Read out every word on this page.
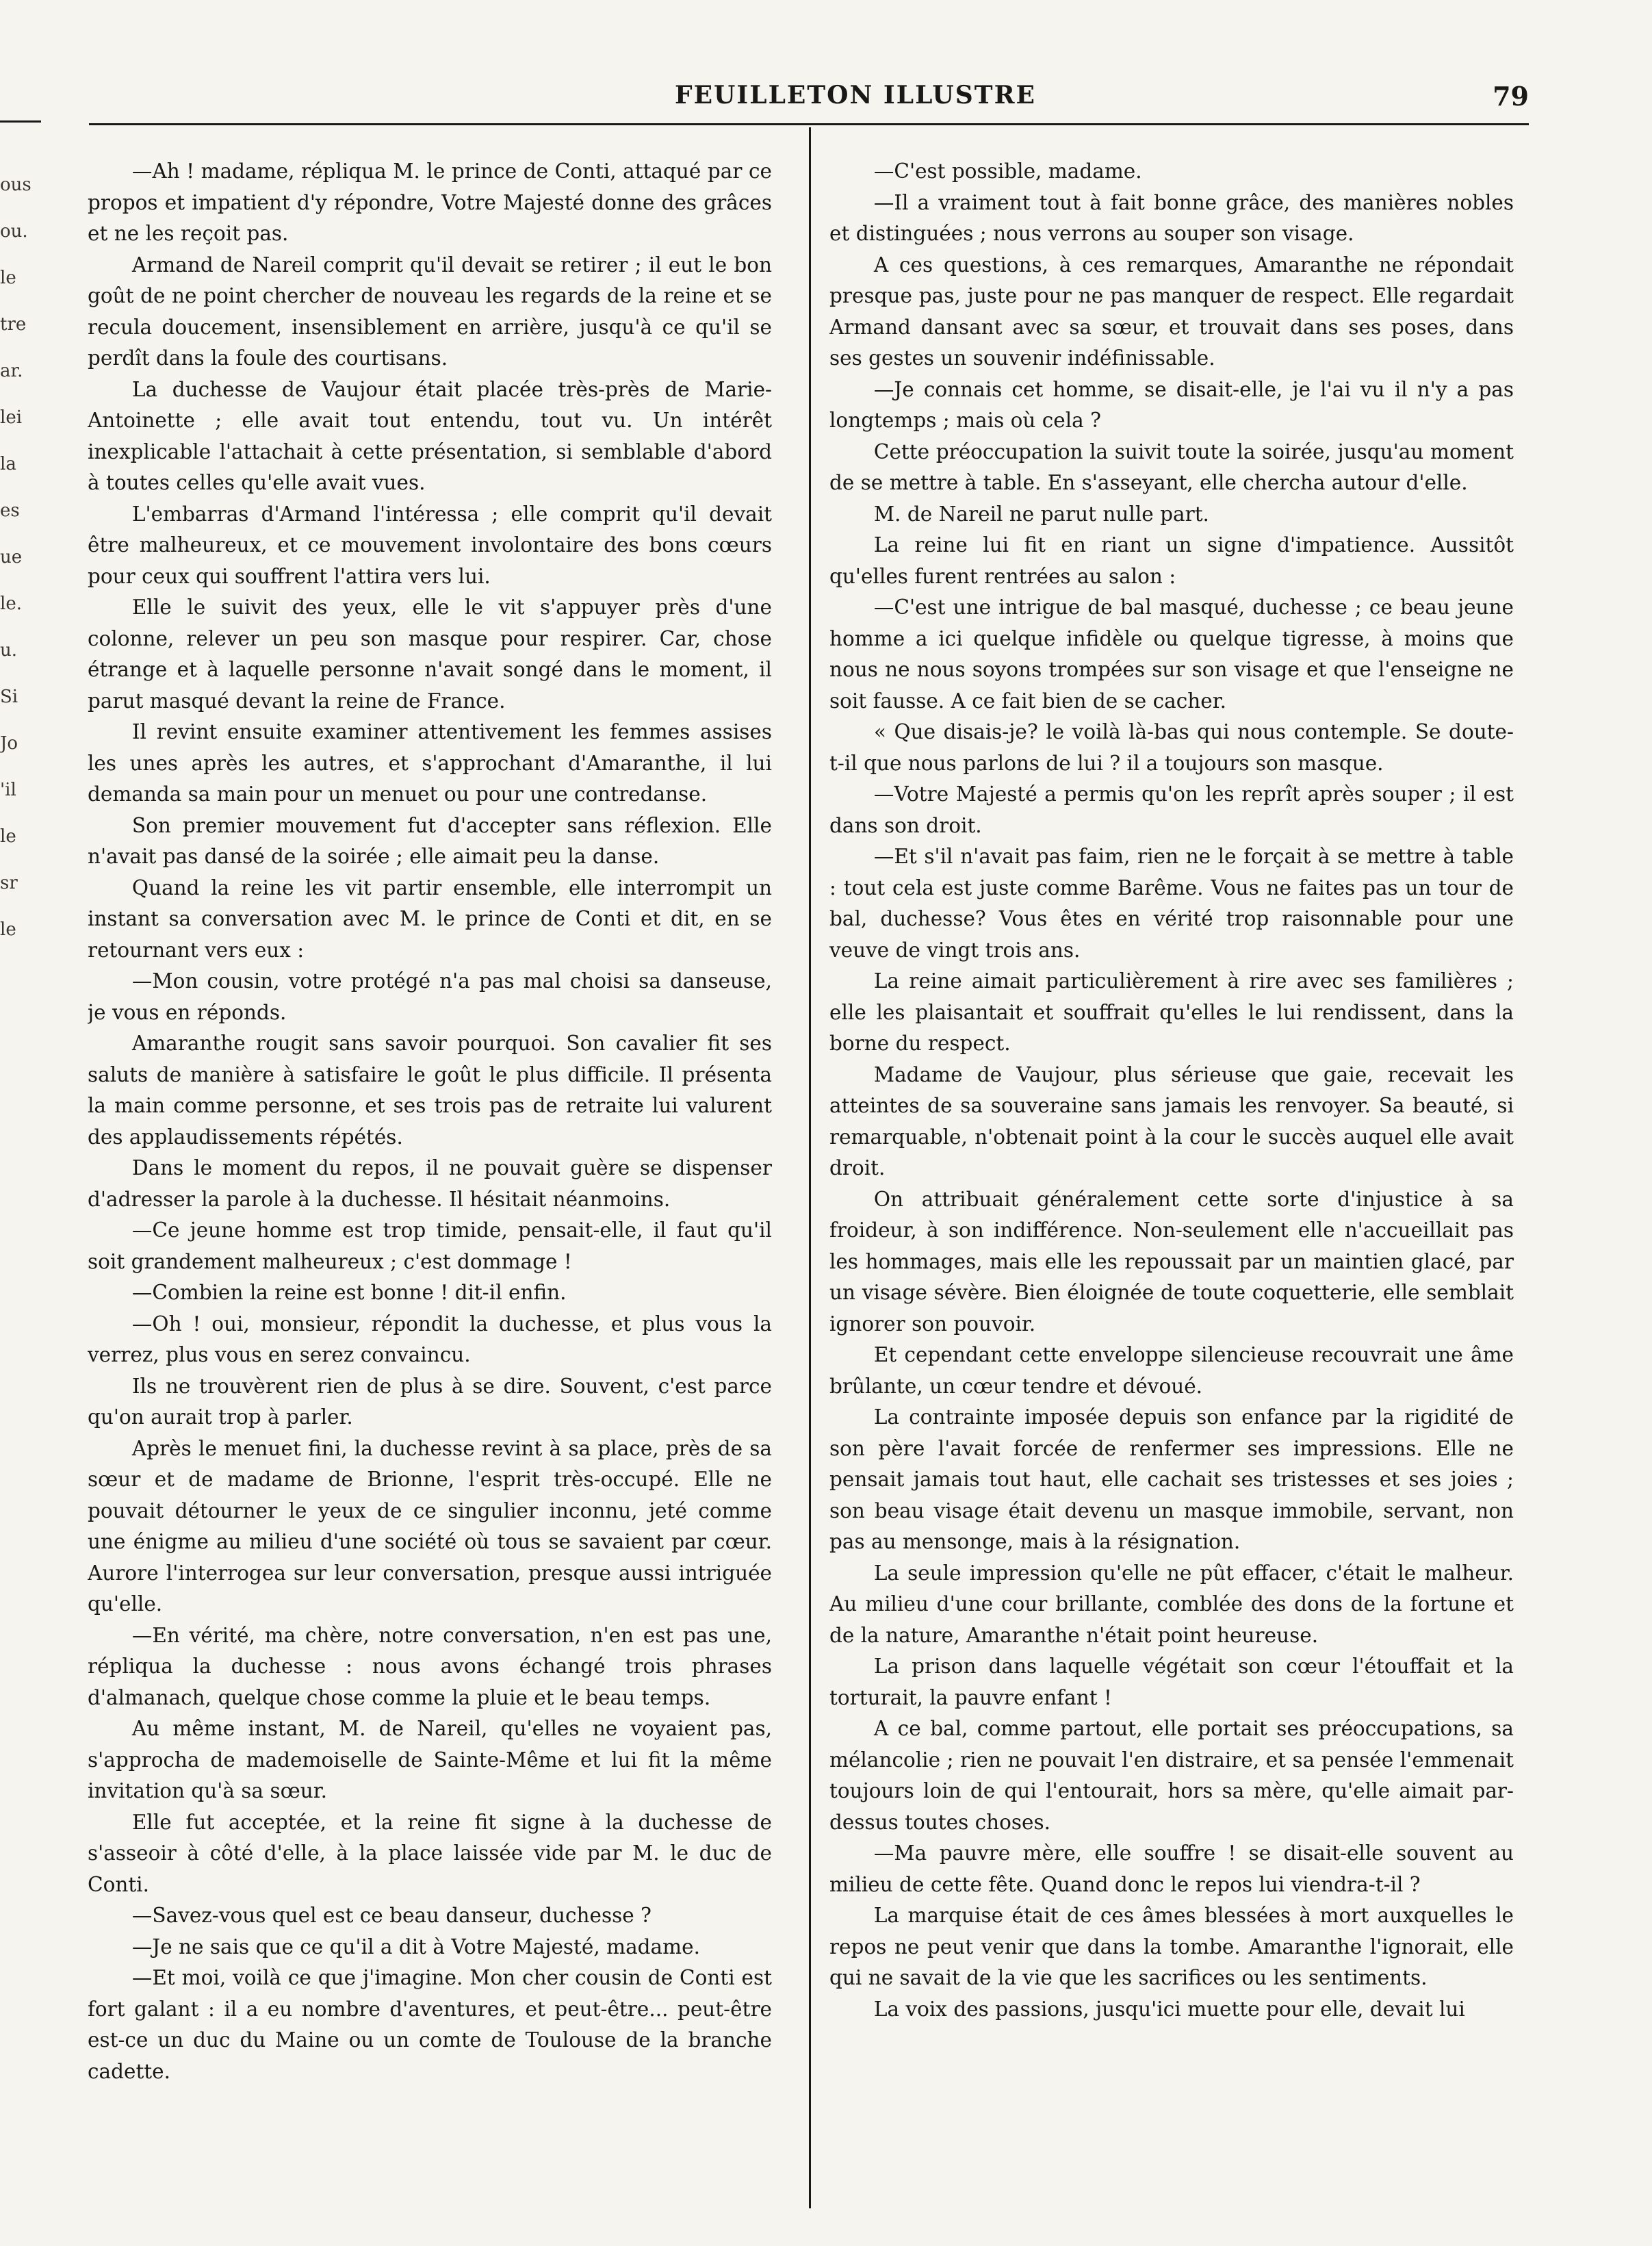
FEUILLETON ILLUSTRE	79
ous
ou.
le
tre
ar.
lei
la
es
ue
le.
u.
Si
Jo
'il
le
sr
le

—Ah ! madame, répliqua M. le prince de Conti, attaqué par ce propos et impatient d'y répondre, Votre Majesté donne des grâces et ne les reçoit pas.

Armand de Nareil comprit qu'il devait se retirer ; il eut le bon goût de ne point chercher de nouveau les regards de la reine et se recula doucement, insensiblement en arrière, jusqu'à ce qu'il se perdît dans la foule des courtisans.

La duchesse de Vaujour était placée très-près de Marie-Antoinette ; elle avait tout entendu, tout vu. Un intérêt inexplicable l'attachait à cette présentation, si semblable d'abord à toutes celles qu'elle avait vues.

L'embarras d'Armand l'intéressa ; elle comprit qu'il devait être malheureux, et ce mouvement involontaire des bons cœurs pour ceux qui souffrent l'attira vers lui.

Elle le suivit des yeux, elle le vit s'appuyer près d'une colonne, relever un peu son masque pour respirer. Car, chose étrange et à laquelle personne n'avait songé dans le moment, il parut masqué devant la reine de France.

Il revint ensuite examiner attentivement les femmes assises les unes après les autres, et s'approchant d'Amaranthe, il lui demanda sa main pour un menuet ou pour une contredanse.

Son premier mouvement fut d'accepter sans réflexion. Elle n'avait pas dansé de la soirée ; elle aimait peu la danse.

Quand la reine les vit partir ensemble, elle interrompit un instant sa conversation avec M. le prince de Conti et dit, en se retournant vers eux :

—Mon cousin, votre protégé n'a pas mal choisi sa danseuse, je vous en réponds.

Amaranthe rougit sans savoir pourquoi. Son cavalier fit ses saluts de manière à satisfaire le goût le plus difficile. Il présenta la main comme personne, et ses trois pas de retraite lui valurent des applaudissements répétés.

Dans le moment du repos, il ne pouvait guère se dispenser d'adresser la parole à la duchesse. Il hésitait néanmoins.

—Ce jeune homme est trop timide, pensait-elle, il faut qu'il soit grandement malheureux ; c'est dommage !

—Combien la reine est bonne ! dit-il enfin.

—Oh ! oui, monsieur, répondit la duchesse, et plus vous la verrez, plus vous en serez convaincu.

Ils ne trouvèrent rien de plus à se dire. Souvent, c'est parce qu'on aurait trop à parler.

Après le menuet fini, la duchesse revint à sa place, près de sa sœur et de madame de Brionne, l'esprit très-occupé. Elle ne pouvait détourner le yeux de ce singulier inconnu, jeté comme une énigme au milieu d'une société où tous se savaient par cœur. Aurore l'interrogea sur leur conversation, presque aussi intriguée qu'elle.

—En vérité, ma chère, notre conversation, n'en est pas une, répliqua la duchesse : nous avons échangé trois phrases d'almanach, quelque chose comme la pluie et le beau temps.

Au même instant, M. de Nareil, qu'elles ne voyaient pas, s'approcha de mademoiselle de Sainte-Même et lui fit la même invitation qu'à sa sœur.

Elle fut acceptée, et la reine fit signe à la duchesse de s'asseoir à côté d'elle, à la place laissée vide par M. le duc de Conti.

—Savez-vous quel est ce beau danseur, duchesse ?

—Je ne sais que ce qu'il a dit à Votre Majesté, madame.

—Et moi, voilà ce que j'imagine. Mon cher cousin de Conti est fort galant : il a eu nombre d'aventures, et peut-être... peut-être est-ce un duc du Maine ou un comte de Toulouse de la branche cadette.

—C'est possible, madame.

—Il a vraiment tout à fait bonne grâce, des manières nobles et distinguées ; nous verrons au souper son visage.

A ces questions, à ces remarques, Amaranthe ne répondait presque pas, juste pour ne pas manquer de respect. Elle regardait Armand dansant avec sa sœur, et trouvait dans ses poses, dans ses gestes un souvenir indéfinissable.

—Je connais cet homme, se disait-elle, je l'ai vu il n'y a pas longtemps ; mais où cela ?

Cette préoccupation la suivit toute la soirée, jusqu'au moment de se mettre à table. En s'asseyant, elle chercha autour d'elle.

M. de Nareil ne parut nulle part.

La reine lui fit en riant un signe d'impatience. Aussitôt qu'elles furent rentrées au salon :

—C'est une intrigue de bal masqué, duchesse ; ce beau jeune homme a ici quelque infidèle ou quelque tigresse, à moins que nous ne nous soyons trompées sur son visage et que l'enseigne ne soit fausse. A ce fait bien de se cacher.

« Que disais-je? le voilà là-bas qui nous contemple. Se doute-t-il que nous parlons de lui ? il a toujours son masque.

—Votre Majesté a permis qu'on les reprît après souper ; il est dans son droit.

—Et s'il n'avait pas faim, rien ne le forçait à se mettre à table : tout cela est juste comme Barême. Vous ne faites pas un tour de bal, duchesse? Vous êtes en vérité trop raisonnable pour une veuve de vingt trois ans.

La reine aimait particulièrement à rire avec ses familières ; elle les plaisantait et souffrait qu'elles le lui rendissent, dans la borne du respect.

Madame de Vaujour, plus sérieuse que gaie, recevait les atteintes de sa souveraine sans jamais les renvoyer. Sa beauté, si remarquable, n'obtenait point à la cour le succès auquel elle avait droit.

On attribuait généralement cette sorte d'injustice à sa froideur, à son indifférence. Non-seulement elle n'accueillait pas les hommages, mais elle les repoussait par un maintien glacé, par un visage sévère. Bien éloignée de toute coquetterie, elle semblait ignorer son pouvoir.

Et cependant cette enveloppe silencieuse recouvrait une âme brûlante, un cœur tendre et dévoué.

La contrainte imposée depuis son enfance par la rigidité de son père l'avait forcée de renfermer ses impressions. Elle ne pensait jamais tout haut, elle cachait ses tristesses et ses joies ; son beau visage était devenu un masque immobile, servant, non pas au mensonge, mais à la résignation.

La seule impression qu'elle ne pût effacer, c'était le malheur. Au milieu d'une cour brillante, comblée des dons de la fortune et de la nature, Amaranthe n'était point heureuse.

La prison dans laquelle végétait son cœur l'étouffait et la torturait, la pauvre enfant !

A ce bal, comme partout, elle portait ses préoccupations, sa mélancolie ; rien ne pouvait l'en distraire, et sa pensée l'emmenait toujours loin de qui l'entourait, hors sa mère, qu'elle aimait par-dessus toutes choses.

—Ma pauvre mère, elle souffre ! se disait-elle souvent au milieu de cette fête. Quand donc le repos lui viendra-t-il ?

La marquise était de ces âmes blessées à mort auxquelles le repos ne peut venir que dans la tombe. Amaranthe l'ignorait, elle qui ne savait de la vie que les sacrifices ou les sentiments.

La voix des passions, jusqu'ici muette pour elle, devait lui
